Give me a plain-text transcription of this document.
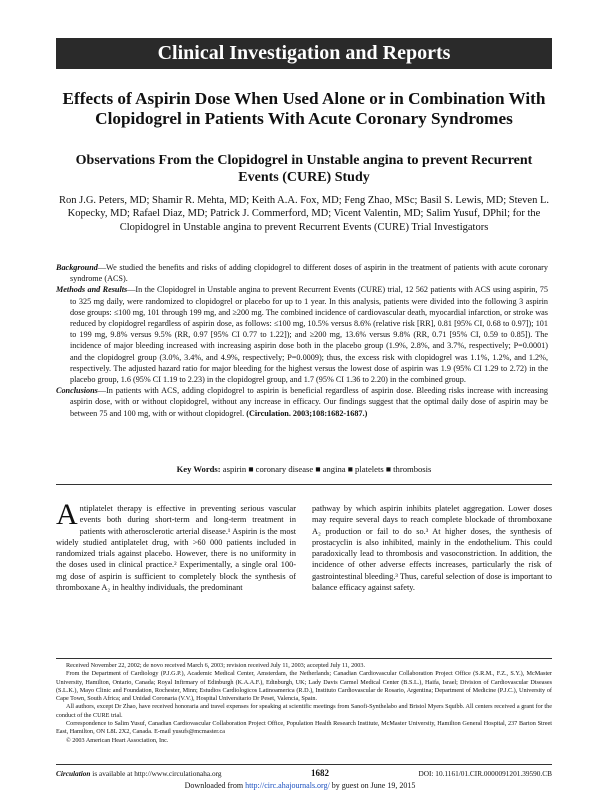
Clinical Investigation and Reports
Effects of Aspirin Dose When Used Alone or in Combination With Clopidogrel in Patients With Acute Coronary Syndromes
Observations From the Clopidogrel in Unstable angina to prevent Recurrent Events (CURE) Study
Ron J.G. Peters, MD; Shamir R. Mehta, MD; Keith A.A. Fox, MD; Feng Zhao, MSc; Basil S. Lewis, MD; Steven L. Kopecky, MD; Rafael Diaz, MD; Patrick J. Commerford, MD; Vicent Valentin, MD; Salim Yusuf, DPhil; for the Clopidogrel in Unstable angina to prevent Recurrent Events (CURE) Trial Investigators

Background—We studied the benefits and risks of adding clopidogrel to different doses of aspirin in the treatment of patients with acute coronary syndrome (ACS).

Methods and Results—In the Clopidogrel in Unstable angina to prevent Recurrent Events (CURE) trial, 12 562 patients with ACS using aspirin, 75 to 325 mg daily, were randomized to clopidogrel or placebo for up to 1 year. In this analysis, patients were divided into the following 3 aspirin dose groups: ≤100 mg, 101 through 199 mg, and ≥200 mg. The combined incidence of cardiovascular death, myocardial infarction, or stroke was reduced by clopidogrel regardless of aspirin dose, as follows: ≤100 mg, 10.5% versus 8.6% (relative risk [RR], 0.81 [95% CI, 0.68 to 0.97]); 101 to 199 mg, 9.8% versus 9.5% (RR, 0.97 [95% CI 0.77 to 1.22]); and ≥200 mg, 13.6% versus 9.8% (RR, 0.71 [95% CI, 0.59 to 0.85]). The incidence of major bleeding increased with increasing aspirin dose both in the placebo group (1.9%, 2.8%, and 3.7%, respectively; P=0.0001) and the clopidogrel group (3.0%, 3.4%, and 4.9%, respectively; P=0.0009); thus, the excess risk with clopidogrel was 1.1%, 1.2%, and 1.2%, respectively. The adjusted hazard ratio for major bleeding for the highest versus the lowest dose of aspirin was 1.9 (95% CI 1.29 to 2.72) in the placebo group, 1.6 (95% CI 1.19 to 2.23) in the clopidogrel group, and 1.7 (95% CI 1.36 to 2.20) in the combined group.

Conclusions—In patients with ACS, adding clopidogrel to aspirin is beneficial regardless of aspirin dose. Bleeding risks increase with increasing aspirin dose, with or without clopidogrel, without any increase in efficacy. Our findings suggest that the optimal daily dose of aspirin may be between 75 and 100 mg, with or without clopidogrel. (Circulation. 2003;108:1682-1687.)

Key Words: aspirin ■ coronary disease ■ angina ■ platelets ■ thrombosis

Antiplatelet therapy is effective in preventing serious vascular events both during short-term and long-term treatment in patients with atherosclerotic arterial disease.¹ Aspirin is the most widely studied antiplatelet drug, with >60 000 patients included in randomized trials against placebo. However, there is no uniformity in the doses used in clinical practice.² Experimentally, a single oral 100-mg dose of aspirin is sufficient to completely block the synthesis of thromboxane A₂ in healthy individuals, the predominant

pathway by which aspirin inhibits platelet aggregation. Lower doses may require several days to reach complete blockade of thromboxane A₂ production or fail to do so.³ At higher doses, the synthesis of prostacyclin is also inhibited, mainly in the endothelium. This could paradoxically lead to thrombosis and vasoconstriction. In addition, the incidence of other adverse effects increases, particularly the risk of gastrointestinal bleeding.³ Thus, careful selection of dose is important to balance efficacy against safety.

Received November 22, 2002; de novo received March 6, 2003; revision received July 11, 2003; accepted July 11, 2003.

From the Department of Cardiology (P.J.G.P.), Academic Medical Center, Amsterdam, the Netherlands; Canadian Cardiovascular Collaboration Project Office (S.R.M., F.Z., S.Y.), McMaster University, Hamilton, Ontario, Canada; Royal Infirmary of Edinburgh (K.A.A.F.), Edinburgh, UK; Lady Davis Carmel Medical Center (B.S.L.), Haifa, Israel; Division of Cardiovascular Diseases (S.L.K.), Mayo Clinic and Foundation, Rochester, Minn; Estudios Cardiologicos Latinoamerica (R.D.), Instituto Cardiovascular de Rosario, Argentina; Department of Medicine (P.J.C.), University of Cape Town, South Africa; and Unidad Coronaria (V.V.), Hospital Universitario Dr Peset, Valencia, Spain.

All authors, except Dr Zhao, have received honoraria and travel expenses for speaking at scientific meetings from Sanofi-Synthelabo and Bristol Myers Squibb. All centers received a grant for the conduct of the CURE trial.

Correspondence to Salim Yusuf, Canadian Cardiovascular Collaboration Project Office, Population Health Research Institute, McMaster University, Hamilton General Hospital, 237 Barton Street East, Hamilton, ON L8L 2X2, Canada. E-mail yusufs@mcmaster.ca

© 2003 American Heart Association, Inc.

Circulation is available at http://www.circulationaha.org	1682	DOI: 10.1161/01.CIR.0000091201.39590.CB
Downloaded from http://circ.ahajournals.org/ by guest on June 19, 2015
